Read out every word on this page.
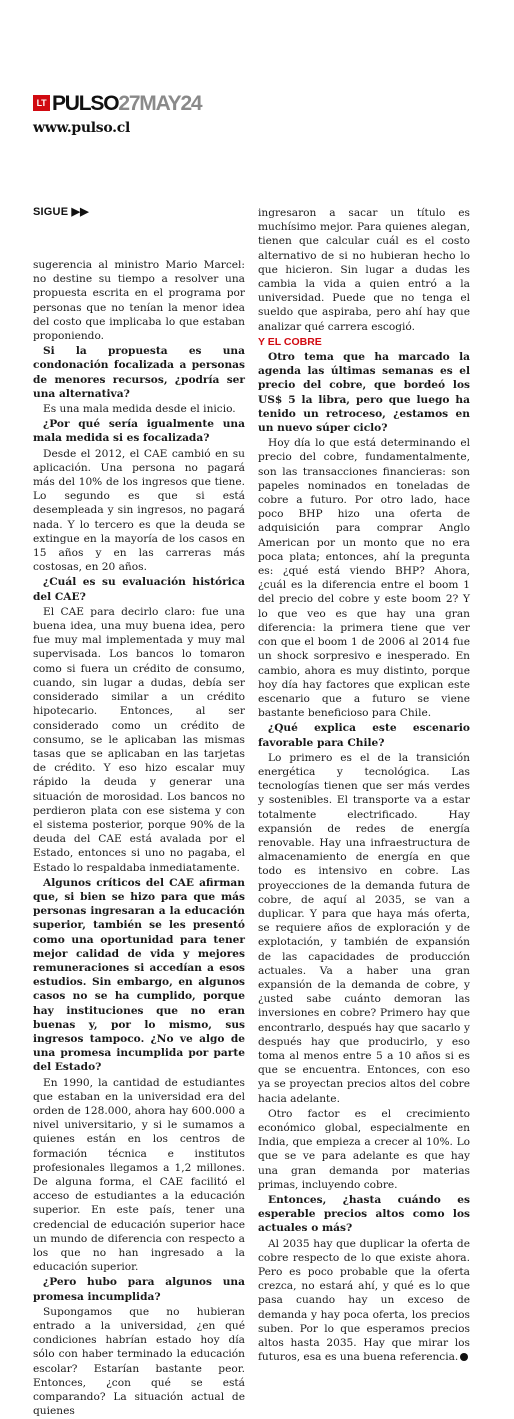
LT PULSO 27MAY24
www.pulso.cl
SIGUE ▶▶

sugerencia al ministro Mario Marcel: no destine su tiempo a resolver una propuesta escrita en el programa por personas que no tenían la menor idea del costo que implicaba lo que estaban proponiendo.

Si la propuesta es una condonación focalizada a personas de menores recursos, ¿podría ser una alternativa?

Es una mala medida desde el inicio.

¿Por qué sería igualmente una mala medida si es focalizada?

Desde el 2012, el CAE cambió en su aplicación. Una persona no pagará más del 10% de los ingresos que tiene. Lo segundo es que si está desempleada y sin ingresos, no pagará nada. Y lo tercero es que la deuda se extingue en la mayoría de los casos en 15 años y en las carreras más costosas, en 20 años.

¿Cuál es su evaluación histórica del CAE?

El CAE para decirlo claro: fue una buena idea, una muy buena idea, pero fue muy mal implementada y muy mal supervisada. Los bancos lo tomaron como si fuera un crédito de consumo, cuando, sin lugar a dudas, debía ser considerado similar a un crédito hipotecario. Entonces, al ser considerado como un crédito de consumo, se le aplicaban las mismas tasas que se aplicaban en las tarjetas de crédito. Y eso hizo escalar muy rápido la deuda y generar una situación de morosidad. Los bancos no perdieron plata con ese sistema y con el sistema posterior, porque 90% de la deuda del CAE está avalada por el Estado, entonces si uno no pagaba, el Estado lo respaldaba inmediatamente.

Algunos críticos del CAE afirman que, si bien se hizo para que más personas ingresaran a la educación superior, también se les presentó como una oportunidad para tener mejor calidad de vida y mejores remuneraciones si accedían a esos estudios. Sin embargo, en algunos casos no se ha cumplido, porque hay instituciones que no eran buenas y, por lo mismo, sus ingresos tampoco. ¿No ve algo de una promesa incumplida por parte del Estado?

En 1990, la cantidad de estudiantes que estaban en la universidad era del orden de 128.000, ahora hay 600.000 a nivel universitario, y si le sumamos a quienes están en los centros de formación técnica e institutos profesionales llegamos a 1,2 millones. De alguna forma, el CAE facilitó el acceso de estudiantes a la educación superior. En este país, tener una credencial de educación superior hace un mundo de diferencia con respecto a los que no han ingresado a la educación superior.

¿Pero hubo para algunos una promesa incumplida?

Supongamos que no hubieran entrado a la universidad, ¿en qué condiciones habrían estado hoy día sólo con haber terminado la educación escolar? Estarían bastante peor. Entonces, ¿con qué se está comparando? La situación actual de quienes

ingresaron a sacar un título es muchísimo mejor. Para quienes alegan, tienen que calcular cuál es el costo alternativo de si no hubieran hecho lo que hicieron. Sin lugar a dudas les cambia la vida a quien entró a la universidad. Puede que no tenga el sueldo que aspiraba, pero ahí hay que analizar qué carrera escogió.

Y EL COBRE

Otro tema que ha marcado la agenda las últimas semanas es el precio del cobre, que bordeó los US$ 5 la libra, pero que luego ha tenido un retroceso, ¿estamos en un nuevo súper ciclo?

Hoy día lo que está determinando el precio del cobre, fundamentalmente, son las transacciones financieras: son papeles nominados en toneladas de cobre a futuro. Por otro lado, hace poco BHP hizo una oferta de adquisición para comprar Anglo American por un monto que no era poca plata; entonces, ahí la pregunta es: ¿qué está viendo BHP? Ahora, ¿cuál es la diferencia entre el boom 1 del precio del cobre y este boom 2? Y lo que veo es que hay una gran diferencia: la primera tiene que ver con que el boom 1 de 2006 al 2014 fue un shock sorpresivo e inesperado. En cambio, ahora es muy distinto, porque hoy día hay factores que explican este escenario que a futuro se viene bastante beneficioso para Chile.

¿Qué explica este escenario favorable para Chile?

Lo primero es el de la transición energética y tecnológica. Las tecnologías tienen que ser más verdes y sostenibles. El transporte va a estar totalmente electrificado. Hay expansión de redes de energía renovable. Hay una infraestructura de almacenamiento de energía en que todo es intensivo en cobre. Las proyecciones de la demanda futura de cobre, de aquí al 2035, se van a duplicar. Y para que haya más oferta, se requiere años de exploración y de explotación, y también de expansión de las capacidades de producción actuales. Va a haber una gran expansión de la demanda de cobre, y ¿usted sabe cuánto demoran las inversiones en cobre? Primero hay que encontrarlo, después hay que sacarlo y después hay que producirlo, y eso toma al menos entre 5 a 10 años si es que se encuentra. Entonces, con eso ya se proyectan precios altos del cobre hacia adelante.

Otro factor es el crecimiento económico global, especialmente en India, que empieza a crecer al 10%. Lo que se ve para adelante es que hay una gran demanda por materias primas, incluyendo cobre.

Entonces, ¿hasta cuándo es esperable precios altos como los actuales o más?

Al 2035 hay que duplicar la oferta de cobre respecto de lo que existe ahora. Pero es poco probable que la oferta crezca, no estará ahí, y qué es lo que pasa cuando hay un exceso de demanda y hay poca oferta, los precios suben. Por lo que esperamos precios altos hasta 2035. Hay que mirar los futuros, esa es una buena referencia.
